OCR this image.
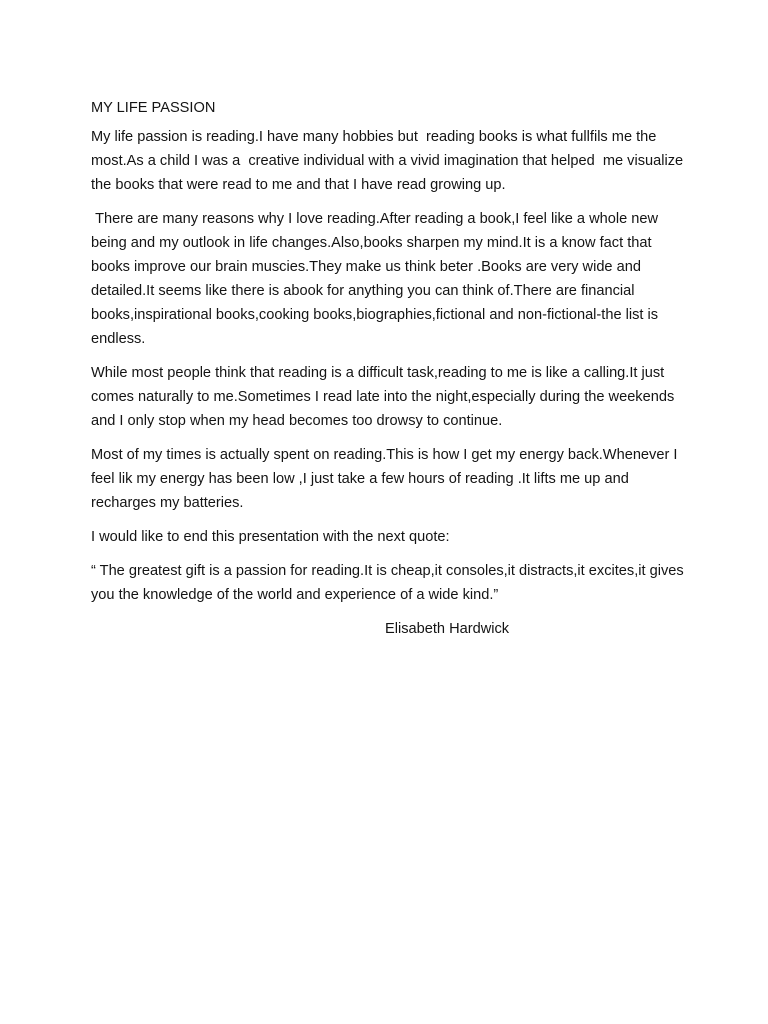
MY LIFE PASSION

My life passion is reading.I have many hobbies but  reading books is what fullfils me the most.As a child I was a  creative individual with a vivid imagination that helped  me visualize the books that were read to me and that I have read growing up.

There are many reasons why I love reading.After reading a book,I feel like a whole new being and my outlook in life changes.Also,books sharpen my mind.It is a know fact that books improve our brain muscies.They make us think beter .Books are very wide and detailed.It seems like there is abook for anything you can think of.There are financial books,inspirational books,cooking books,biographies,fictional and non-fictional-the list is endless.

While most people think that reading is a difficult task,reading to me is like a calling.It just comes naturally to me.Sometimes I read late into the night,especially during the weekends and I only stop when my head becomes too drowsy to continue.

Most of my times is actually spent on reading.This is how I get my energy back.Whenever I feel lik my energy has been low ,I just take a few hours of reading .It lifts me up and recharges my batteries.

I would like to end this presentation with the next quote:

“ The greatest gift is a passion for reading.It is cheap,it consoles,it distracts,it excites,it gives you the knowledge of the world and experience of a wide kind.”

Elisabeth Hardwick
